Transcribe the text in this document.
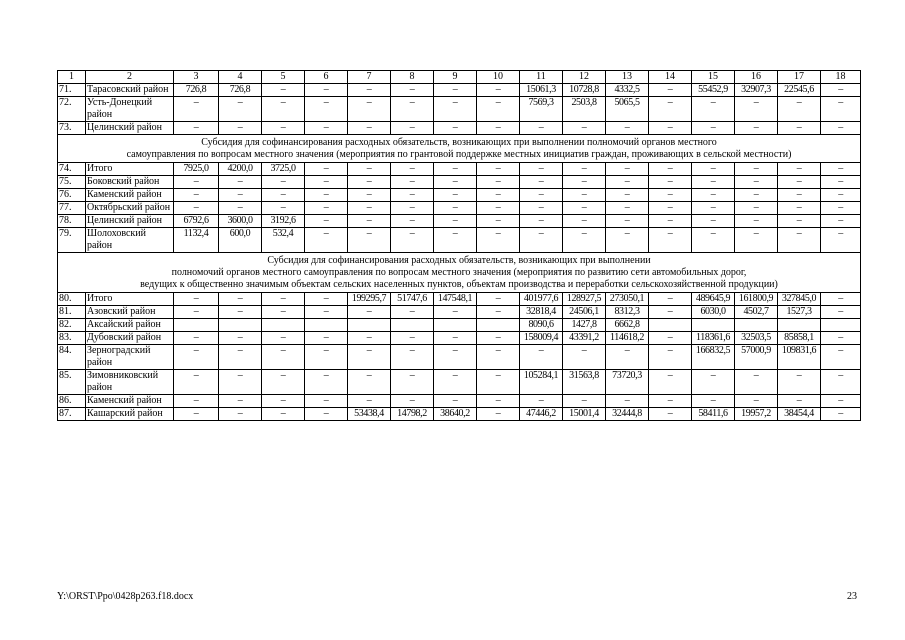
1	2	3	4	5	6	7	8	9	10	11	12	13	14	15	16	17	18
71.	Тарасовский район	726,8	726,8	–	–	–	–	–	–	15061,3	10728,8	4332,5	–	55452,9	32907,3	22545,6	–
72.	Усть-Донецкий район	–	–	–	–	–	–	–	–	7569,3	2503,8	5065,5	–	–	–	–	–
73.	Целинский район	–	–	–	–	–	–	–	–	–	–	–	–	–	–	–	–

Субсидия для софинансирования расходных обязательств, возникающих при выполнении полномочий органов местного
самоуправления по вопросам местного значения (мероприятия по грантовой поддержке местных инициатив граждан, проживающих в сельской местности)																	

74.	Итого	7925,0	4200,0	3725,0	–	–	–	–	–	–	–	–	–	–	–	–	–
75.	Боковский район	–	–	–	–	–	–	–	–	–	–	–	–	–	–	–	–
76.	Каменский район	–	–	–	–	–	–	–	–	–	–	–	–	–	–	–	–
77.	Октябрьский район	–	–	–	–	–	–	–	–	–	–	–	–	–	–	–	–
78.	Целинский район	6792,6	3600,0	3192,6	–	–	–	–	–	–	–	–	–	–	–	–	–
79.	Шолоховский район	1132,4	600,0	532,4	–	–	–	–	–	–	–	–	–	–	–	–	–

Субсидия для софинансирования расходных обязательств, возникающих при выполнении
полномочий органов местного самоуправления по вопросам местного значения (мероприятия по развитию сети автомобильных дорог,
ведущих к общественно значимым объектам сельских населенных пунктов, объектам производства и переработки сельскохозяйственной продукции)																	

80.	Итого	–	–	–	–	199295,7	51747,6	147548,1	–	401977,6	128927,5	273050,1	–	489645,9	161800,9	327845,0	–
81.	Азовский район	–	–	–	–	–	–	–	–	32818,4	24506,1	8312,3	–	6030,0	4502,7	1527,3	–
82.	Аксайский район									8090,6	1427,8	6662,8					
83.	Дубовский район	–	–	–	–	–	–	–	–	158009,4	43391,2	114618,2	–	118361,6	32503,5	85858,1	–
84.	Зерноградский район	–	–	–	–	–	–	–	–	–	–	–	–	166832,5	57000,9	109831,6	–
85.	Зимовниковский район	–	–	–	–	–	–	–	–	105284,1	31563,8	73720,3	–	–	–	–	–
86.	Каменский район	–	–	–	–	–	–	–	–	–	–	–	–	–	–	–	–
87.	Кашарский район	–	–	–	–	53438,4	14798,2	38640,2	–	47446,2	15001,4	32444,8	–	58411,6	19957,2	38454,4	–
Y:\ORST\Ppo\0428p263.f18.docx	23
